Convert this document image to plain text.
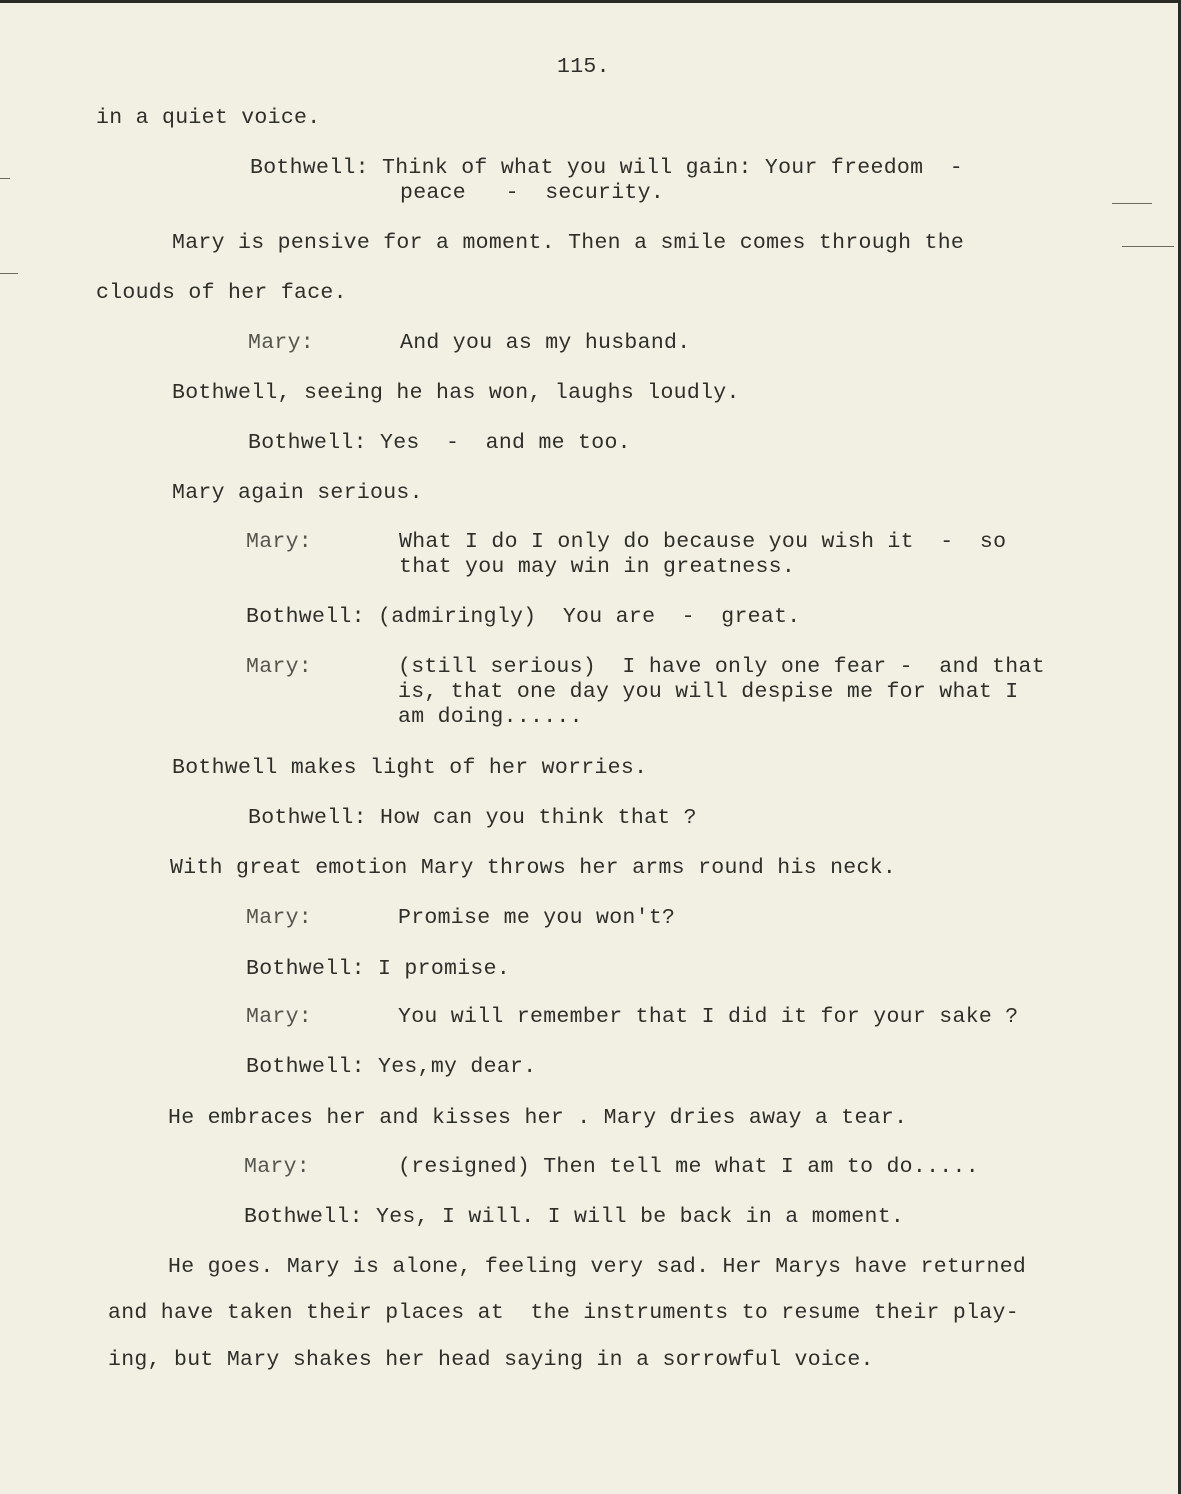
115.
in a quiet voice.
Bothwell: Think of what you will gain: Your freedom  -
peace   -  security.
Mary is pensive for a moment. Then a smile comes through the
clouds of her face.
Mary:	And you as my husband.
Bothwell, seeing he has won, laughs loudly.
Bothwell: Yes  -  and me too.
Mary again serious.
Mary:	What I do I only do because you wish it  -  so
that you may win in greatness.
Bothwell: (admiringly)  You are  -  great.
Mary:	(still serious)  I have only one fear -  and that
is, that one day you will despise me for what I
am doing......
Bothwell makes light of her worries.
Bothwell: How can you think that ?
With great emotion Mary throws her arms round his neck.
Mary:	Promise me you won't?
Bothwell: I promise.
Mary:	You will remember that I did it for your sake ?
Bothwell: Yes,my dear.
He embraces her and kisses her . Mary dries away a tear.
Mary:	(resigned) Then tell me what I am to do.....
Bothwell: Yes, I will. I will be back in a moment.
He goes. Mary is alone, feeling very sad. Her Marys have returned
and have taken their places at  the instruments to resume their play-
ing, but Mary shakes her head saying in a sorrowful voice.
